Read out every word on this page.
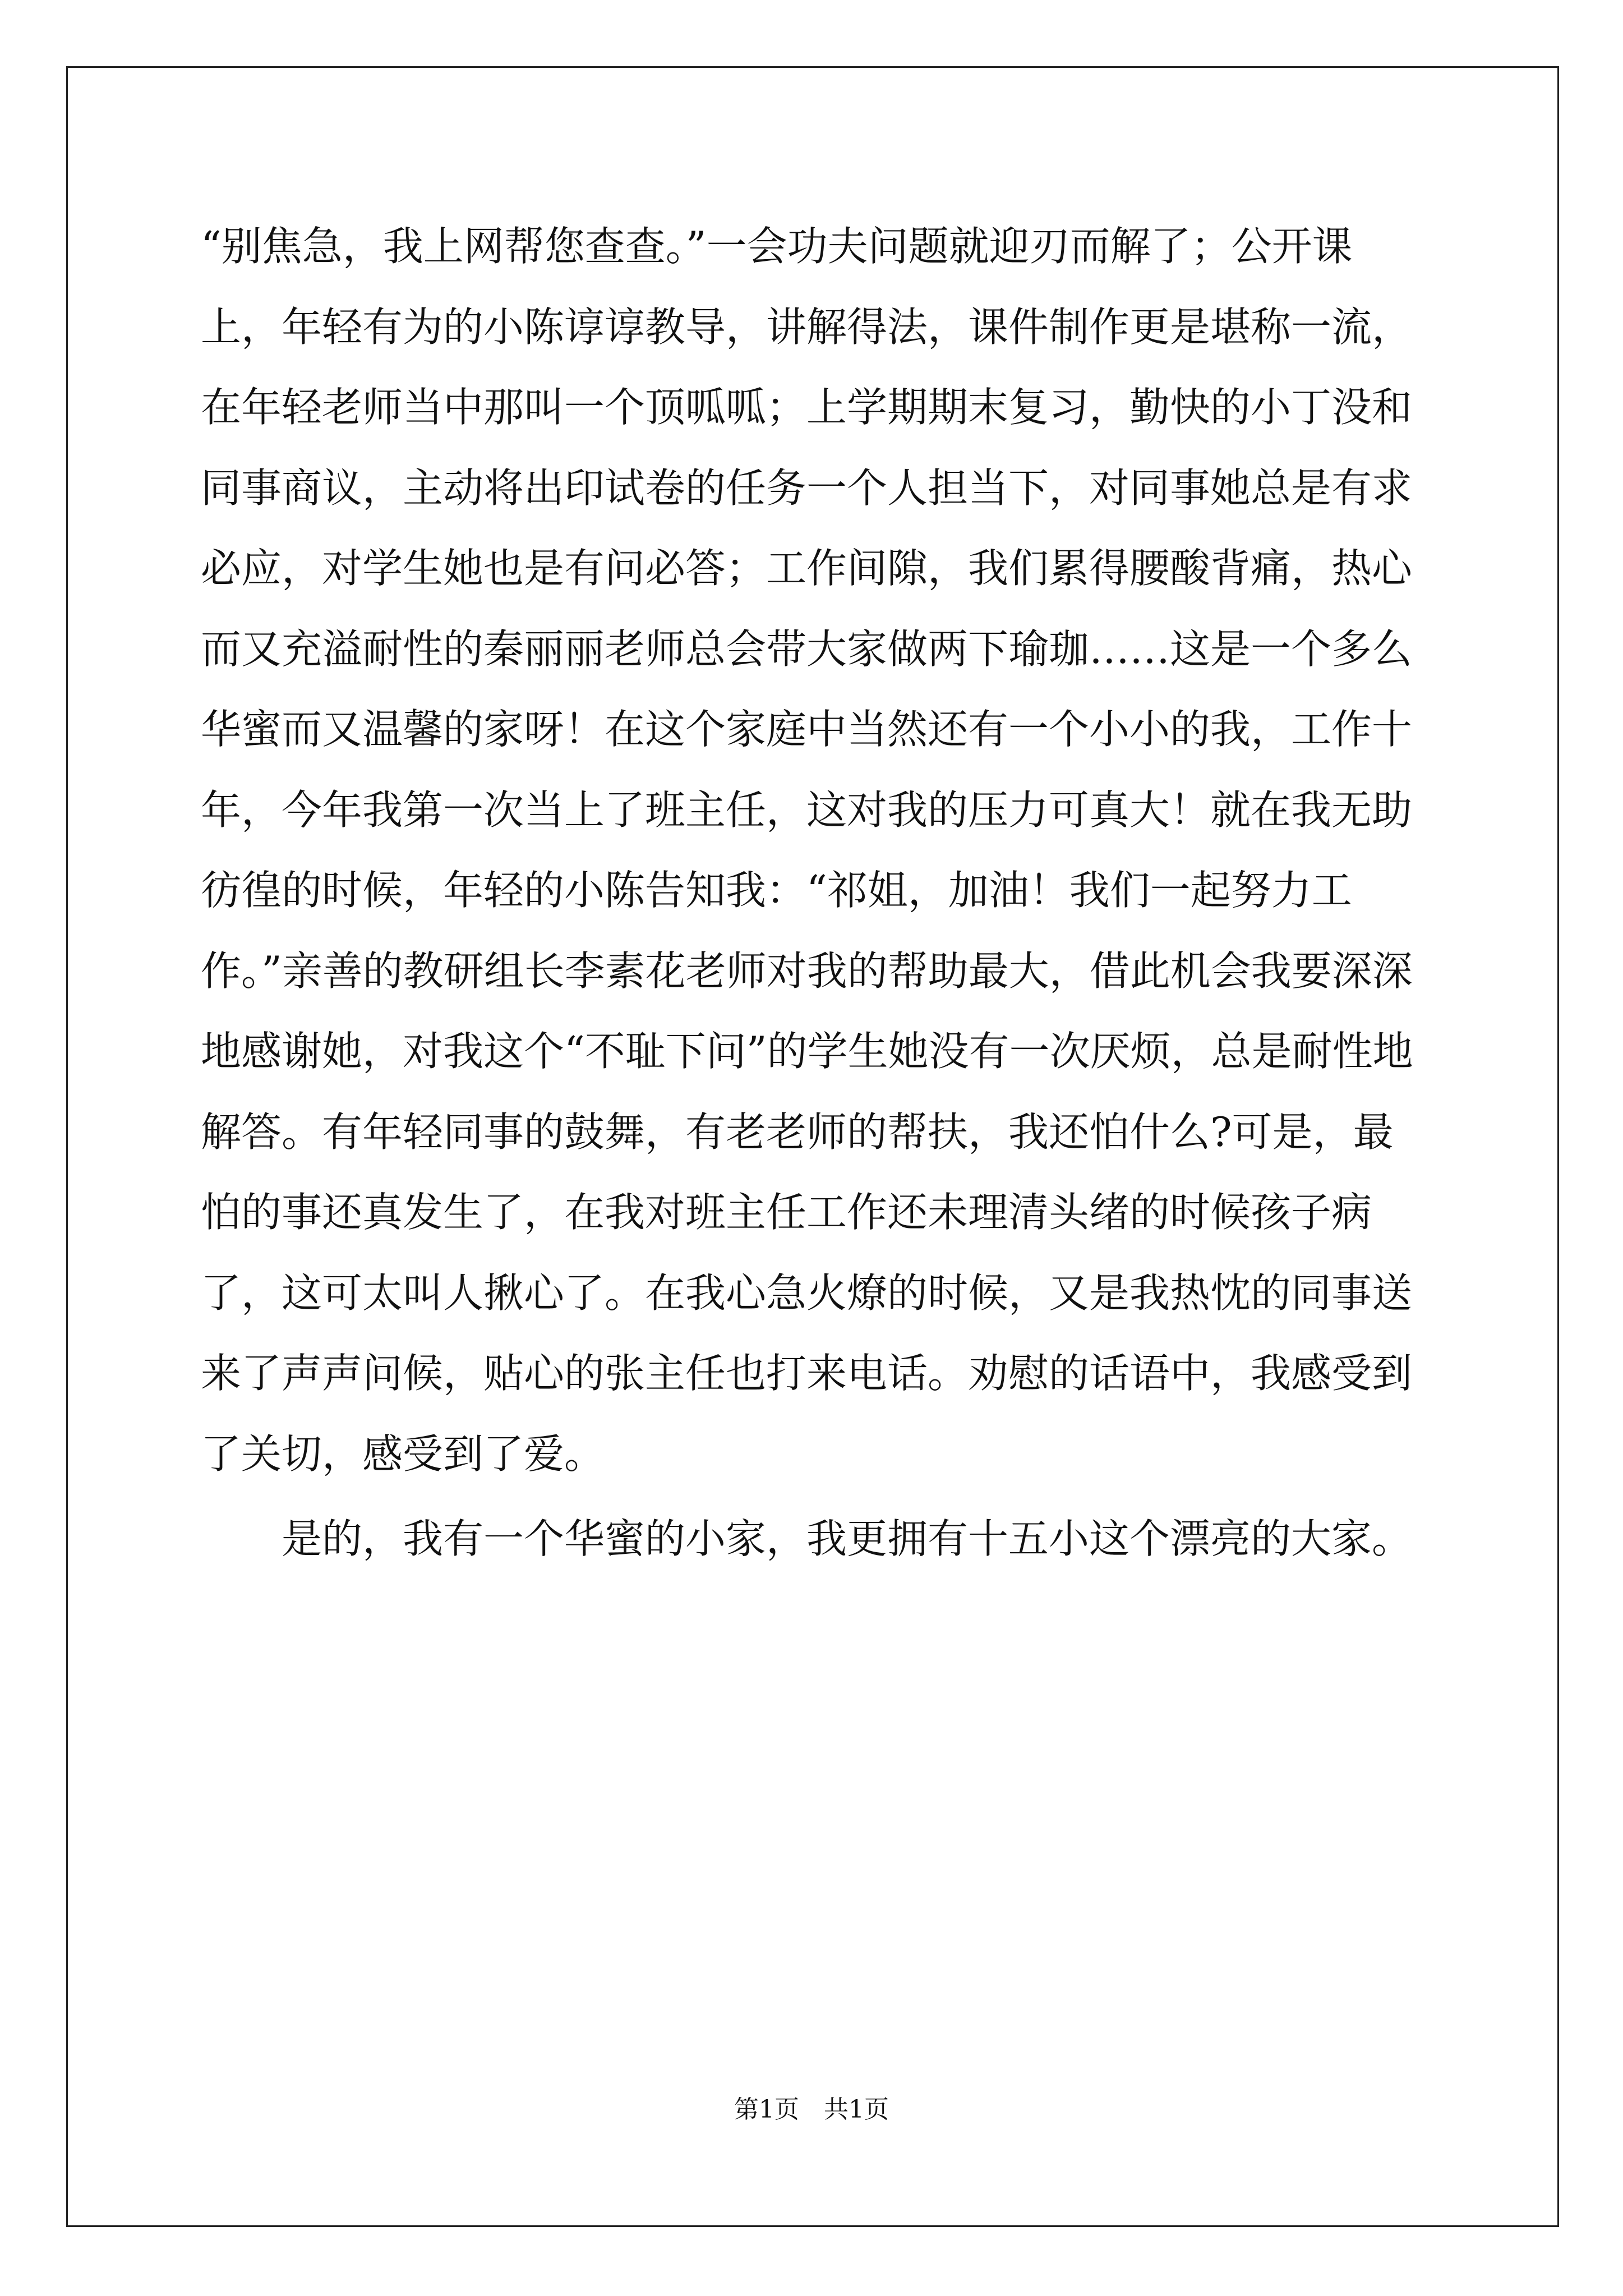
“别焦急，我上网帮您查查。”一会功夫问题就迎刃而解了；公开课上，年轻有为的小陈谆谆教导，讲解得法，课件制作更是堪称一流，在年轻老师当中那叫一个顶呱呱；上学期期末复习，勤快的小丁没和同事商议，主动将出印试卷的任务一个人担当下，对同事她总是有求必应，对学生她也是有问必答；工作间隙，我们累得腰酸背痛，热心而又充溢耐性的秦丽丽老师总会带大家做两下瑜珈……这是一个多么华蜜而又温馨的家呀！在这个家庭中当然还有一个小小的我，工作十年，今年我第一次当上了班主任，这对我的压力可真大！就在我无助彷徨的时候，年轻的小陈告知我：“祁姐，加油！我们一起努力工作。”亲善的教研组长李素花老师对我的帮助最大，借此机会我要深深地感谢她，对我这个“不耻下问”的学生她没有一次厌烦，总是耐性地解答。有年轻同事的鼓舞，有老老师的帮扶，我还怕什么?可是，最怕的事还真发生了，在我对班主任工作还未理清头绪的时候孩子病了，这可太叫人揪心了。在我心急火燎的时候，又是我热忱的同事送来了声声问候，贴心的张主任也打来电话。劝慰的话语中，我感受到了关切，感受到了爱。

是的，我有一个华蜜的小家，我更拥有十五小这个漂亮的大家。

第1页　共1页
